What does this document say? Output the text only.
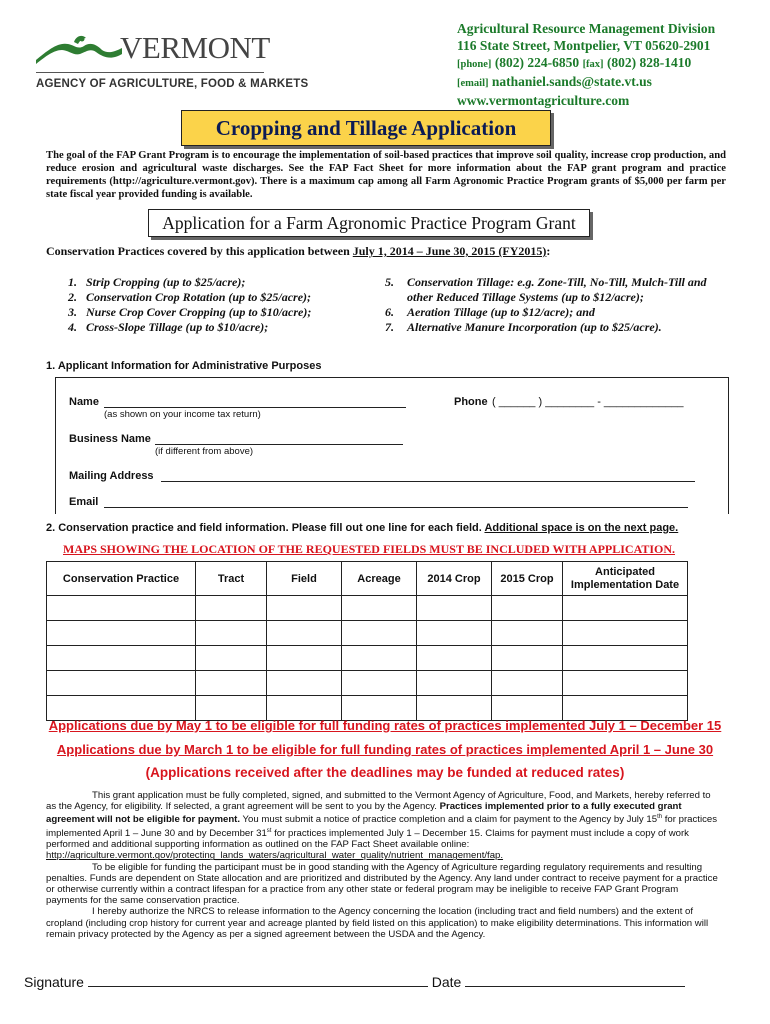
VERMONT
AGENCY OF AGRICULTURE, FOOD & MARKETS
Agricultural Resource Management Division
116 State Street, Montpelier, VT 05620-2901
[phone] (802) 224-6850 [fax] (802) 828-1410
[email] nathaniel.sands@state.vt.us
www.vermontagriculture.com
Cropping and Tillage Application
The goal of the FAP Grant Program is to encourage the implementation of soil-based practices that improve soil quality, increase crop production, and reduce erosion and agricultural waste discharges. See the FAP Fact Sheet for more information about the FAP grant program and practice requirements (http://agriculture.vermont.gov). There is a maximum cap among all Farm Agronomic Practice Program grants of $5,000 per farm per state fiscal year provided funding is available.
Application for a Farm Agronomic Practice Program Grant
Conservation Practices covered by this application between July 1, 2014 – June 30, 2015 (FY2015):
1. Strip Cropping (up to $25/acre);
2. Conservation Crop Rotation (up to $25/acre);
3. Nurse Crop Cover Cropping (up to $10/acre);
4. Cross-Slope Tillage (up to $10/acre);
5.	Conservation Tillage: e.g. Zone-Till, No-Till, Mulch-Till and
other Reduced Tillage Systems (up to $12/acre);
6.	Aeration Tillage (up to $12/acre); and
7.	Alternative Manure Incorporation (up to $25/acre).
1. Applicant Information for Administrative Purposes
Name
(as shown on your income tax return)
Phone ( ______ ) ________ - _____________
Business Name
(if different from above)
Mailing Address
Email
2. Conservation practice and field information. Please fill out one line for each field. Additional space is on the next page.
MAPS SHOWING THE LOCATION OF THE REQUESTED FIELDS MUST BE INCLUDED WITH APPLICATION.
Conservation Practice	Tract	Field	Acreage	2014 Crop	2015 Crop	Anticipated Implementation Date

Applications due by May 1 to be eligible for full funding rates of practices implemented July 1 – December 15
Applications due by March 1 to be eligible for full funding rates of practices implemented April 1 – June 30
(Applications received after the deadlines may be funded at reduced rates)

This grant application must be fully completed, signed, and submitted to the Vermont Agency of Agriculture, Food, and Markets, hereby referred to as the Agency, for eligibility. If selected, a grant agreement will be sent to you by the Agency. Practices implemented prior to a fully executed grant agreement will not be eligible for payment. You must submit a notice of practice completion and a claim for payment to the Agency by July 15th for practices implemented April 1 – June 30 and by December 31st for practices implemented July 1 – December 15. Claims for payment must include a copy of work performed and additional supporting information as outlined on the FAP Fact Sheet available online:
http://agriculture.vermont.gov/protecting_lands_waters/agricultural_water_quality/nutrient_management/fap.

To be eligible for funding the participant must be in good standing with the Agency of Agriculture regarding regulatory requirements and resulting penalties. Funds are dependent on State allocation and are prioritized and distributed by the Agency. Any land under contract to receive payment for a practice or otherwise currently within a contract lifespan for a practice from any other state or federal program may be ineligible to receive FAP Grant Program payments for the same conservation practice.

I hereby authorize the NRCS to release information to the Agency concerning the location (including tract and field numbers) and the extent of cropland (including crop history for current year and acreage planted by field listed on this application) to make eligibility determinations. This information will remain privacy protected by the Agency as per a signed agreement between the USDA and the Agency.

Signature	Date
